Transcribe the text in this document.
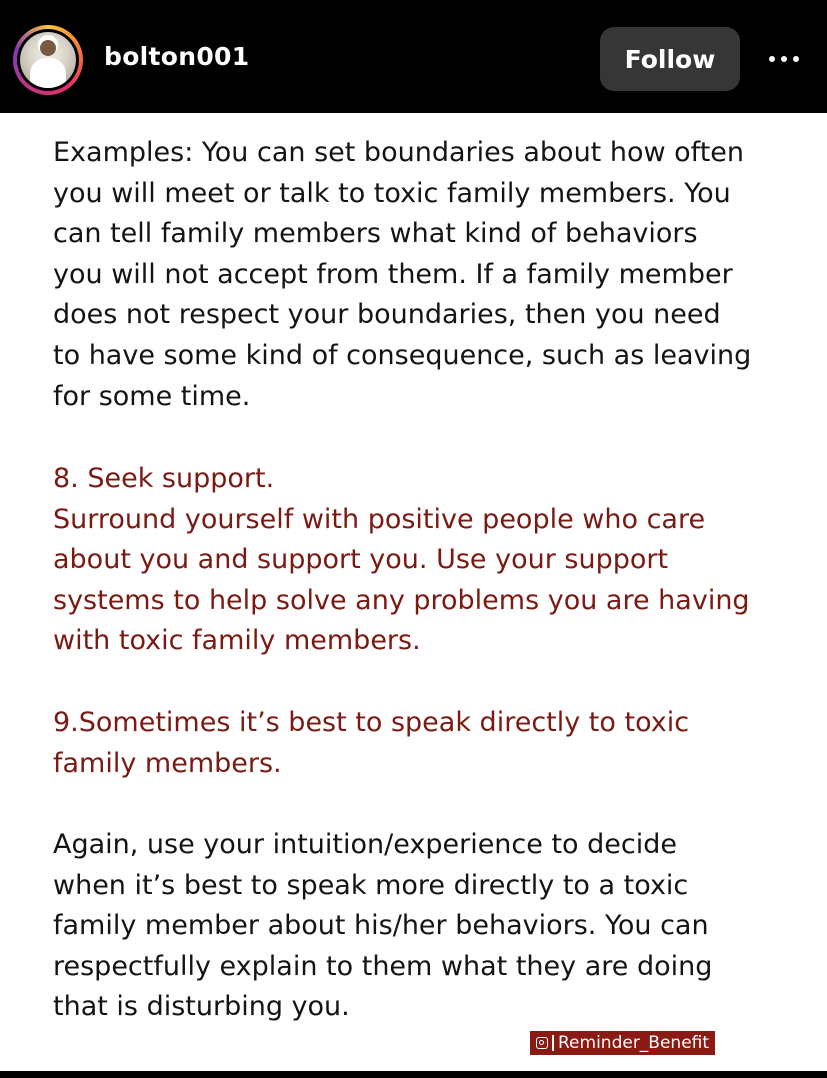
bolton001	Follow

Examples: You can set boundaries about how often
you will meet or talk to toxic family members. You
can tell family members what kind of behaviors
you will not accept from them. If a family member
does not respect your boundaries, then you need
to have some kind of consequence, such as leaving
for some time.

8. Seek support.
Surround yourself with positive people who care
about you and support you. Use your support
systems to help solve any problems you are having
with toxic family members.

9.Sometimes it’s best to speak directly to toxic
family members.

Again, use your intuition/experience to decide
when it’s best to speak more directly to a toxic
family member about his/her behaviors. You can
respectfully explain to them what they are doing
that is disturbing you.

Reminder_Benefit
